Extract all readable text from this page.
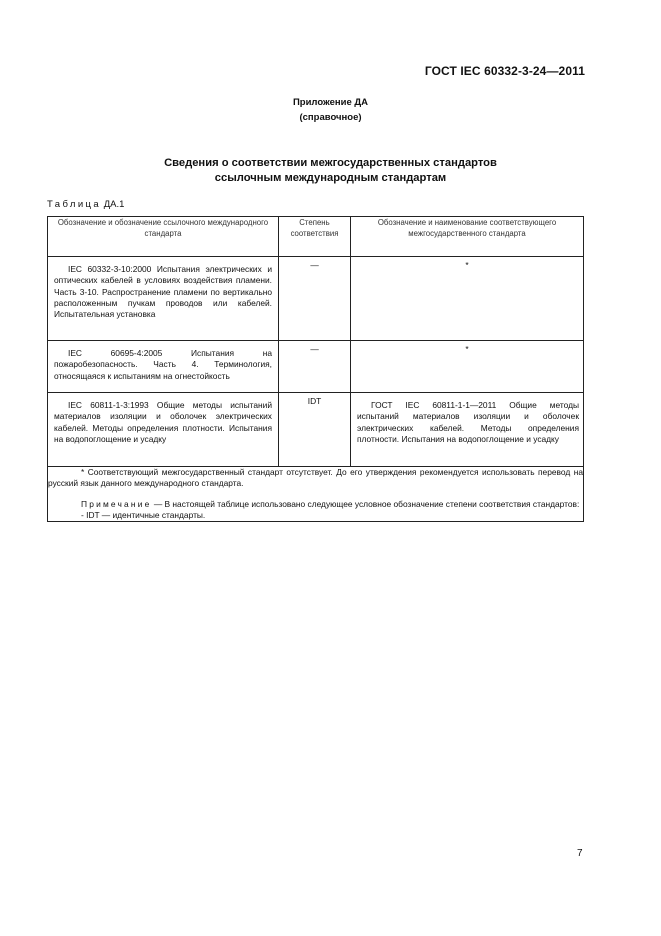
ГОСТ IEC 60332-3-24—2011
Приложение ДА
(справочное)
Сведения о соответствии межгосударственных стандартов
ссылочным международным стандартам
Таблица ДА.1
Обозначение и обозначение ссылочного международного стандарта	Степень соответствия	Обозначение и наименование соответствующего межгосударственного стандарта

IEC 60332-3-10:2000 Испытания электрических и оптических кабелей в условиях воздействия пламени. Часть 3-10. Распространение пламени по вертикально расположенным пучкам проводов или кабелей. Испытательная установка	—	*

IEC 60695-4:2005 Испытания на пожаробезопасность. Часть 4. Терминология, относящаяся к испытаниям на огнестойкость	—	*

IEC 60811-1-3:1993 Общие методы испытаний материалов изоляции и оболочек электрических кабелей. Методы определения плотности. Испытания на водопоглощение и усадку	IDT	ГОСТ IEC 60811-1-1—2011 Общие методы испытаний материалов изоляции и оболочек электрических кабелей. Методы определения плотности. Испытания на водопоглощение и усадку

* Соответствующий межгосударственный стандарт отсутствует. До его утверждения рекомендуется использовать перевод на русский язык данного международного стандарта.

Примечание — В настоящей таблице использовано следующее условное обозначение степени соответствия стандартов:

- IDT — идентичные стандарты.		

7
